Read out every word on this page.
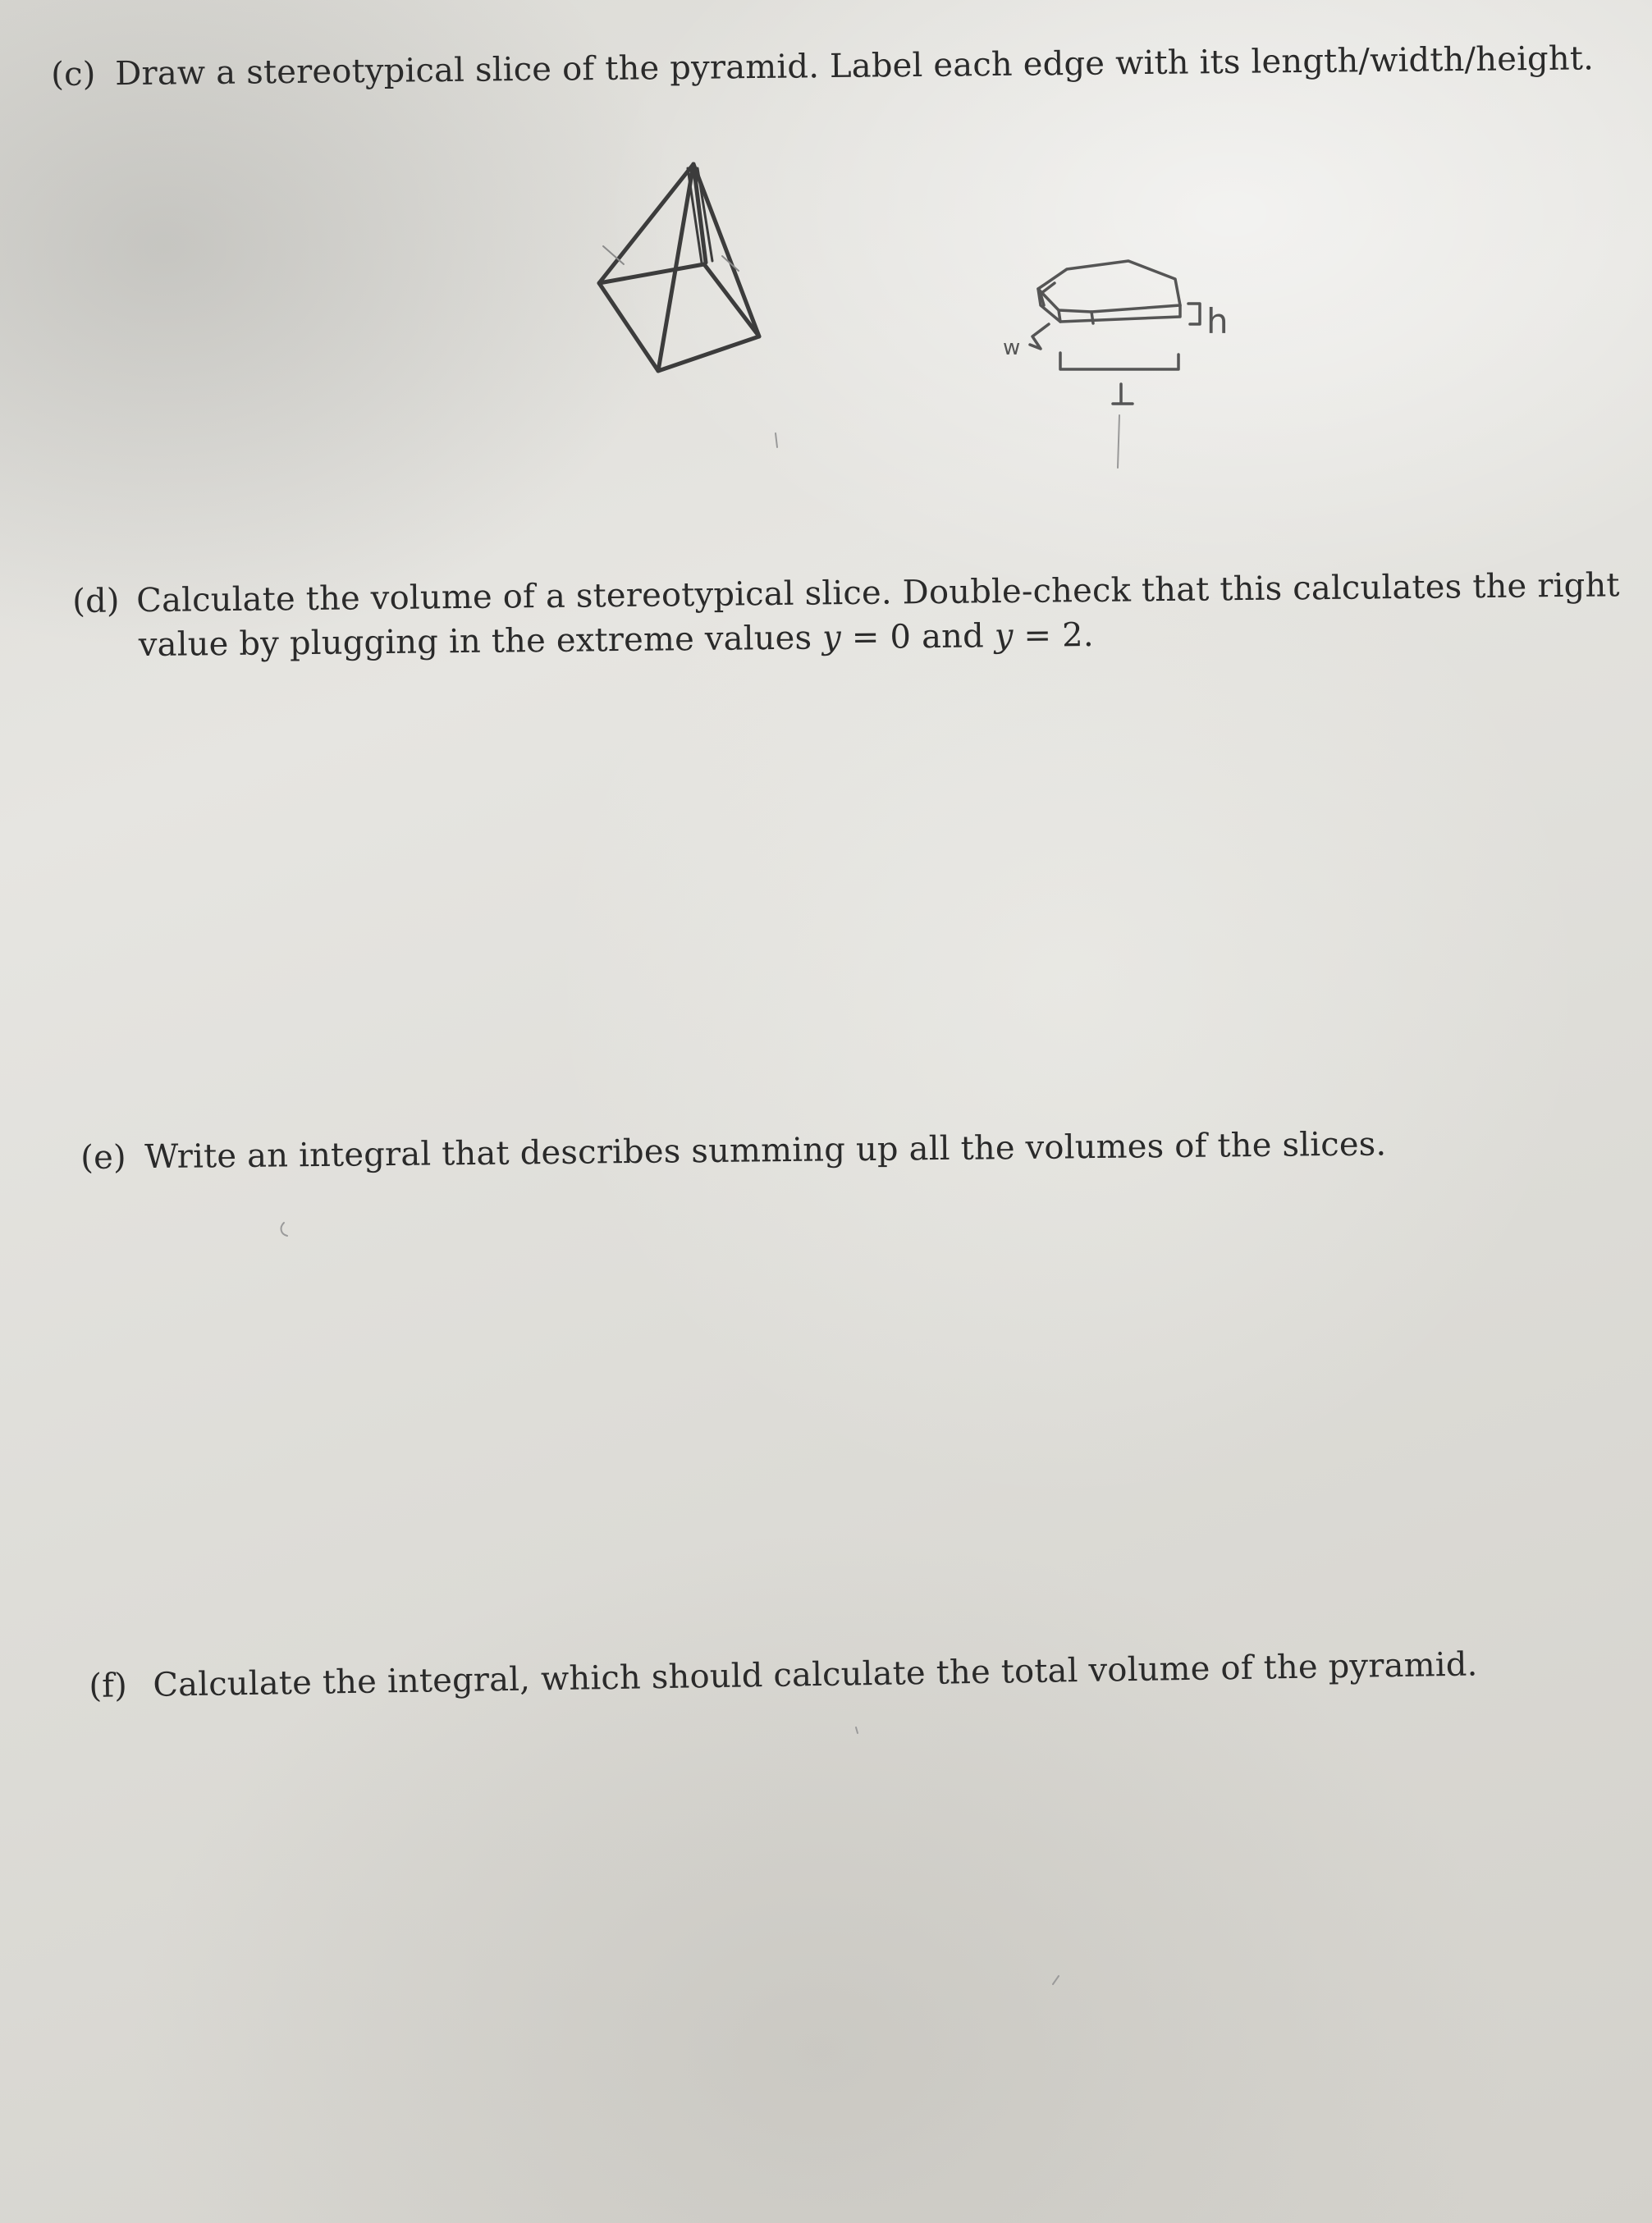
(c) Draw a stereotypical slice of the pyramid. Label each edge with its length/width/height.
(d) Calculate the volume of a stereotypical slice. Double-check that this calculates the right
value by plugging in the extreme values y = 0 and y = 2.
(e) Write an integral that describes summing up all the volumes of the slices.
(f) Calculate the integral, which should calculate the total volume of the pyramid.
w
h
